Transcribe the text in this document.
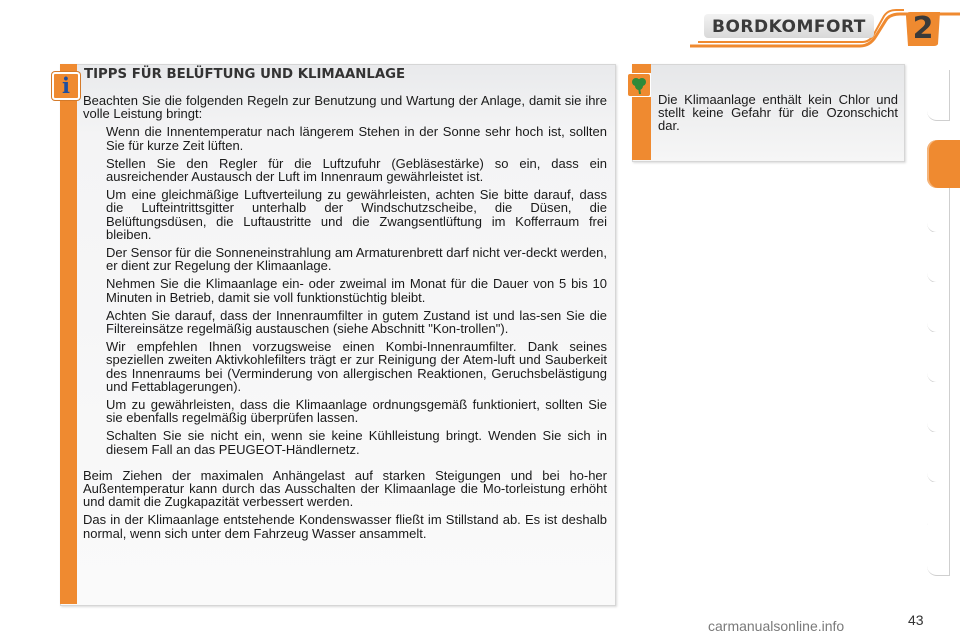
BORDKOMFORT 2
i	TIPPS FÜR BELÜFTUNG UND KLIMAANLAGE

Beachten Sie die folgenden Regeln zur Benutzung und Wartung der Anlage, damit sie ihre volle Leistung bringt:

Wenn die Innentemperatur nach längerem Stehen in der Sonne sehr hoch ist, sollten Sie für kurze Zeit lüften.

Stellen Sie den Regler für die Luftzufuhr (Gebläsestärke) so ein, dass ein ausreichender Austausch der Luft im Innenraum gewährleistet ist.

Um eine gleichmäßige Luftverteilung zu gewährleisten, achten Sie bitte darauf, dass die Lufteintrittsgitter unterhalb der Windschutzscheibe, die Düsen, die Belüftungsdüsen, die Luftaustritte und die Zwangsentlüftung im Kofferraum frei bleiben.
Der Sensor für die Sonneneinstrahlung am Armaturenbrett darf nicht ver-deckt werden, er dient zur Regelung der Klimaanlage.
Nehmen Sie die Klimaanlage ein- oder zweimal im Monat für die Dauer von 5 bis 10 Minuten in Betrieb, damit sie voll funktionstüchtig bleibt.
Achten Sie darauf, dass der Innenraumfilter in gutem Zustand ist und las-sen Sie die Filtereinsätze regelmäßig austauschen (siehe Abschnitt "Kon-trollen").

Wir empfehlen Ihnen vorzugsweise einen Kombi-Innenraumfilter. Dank seines speziellen zweiten Aktivkohlefilters trägt er zur Reinigung der Atem-luft und Sauberkeit des Innenraums bei (Verminderung von allergischen Reaktionen, Geruchsbelästigung und Fettablagerungen).

Um zu gewährleisten, dass die Klimaanlage ordnungsgemäß funktioniert, sollten Sie sie ebenfalls regelmäßig überprüfen lassen.
Schalten Sie sie nicht ein, wenn sie keine Kühlleistung bringt. Wenden Sie sich in diesem Fall an das PEUGEOT-Händlernetz.

Beim Ziehen der maximalen Anhängelast auf starken Steigungen und bei ho-her Außentemperatur kann durch das Ausschalten der Klimaanlage die Mo-torleistung erhöht und damit die Zugkapazität verbessert werden.

Das in der Klimaanlage entstehende Kondenswasser fließt im Stillstand ab. Es ist deshalb normal, wenn sich unter dem Fahrzeug Wasser ansammelt.

Die Klimaanlage enthält kein Chlor und stellt keine Gefahr für die Ozonschicht dar.
carmanualsonline.info	43
